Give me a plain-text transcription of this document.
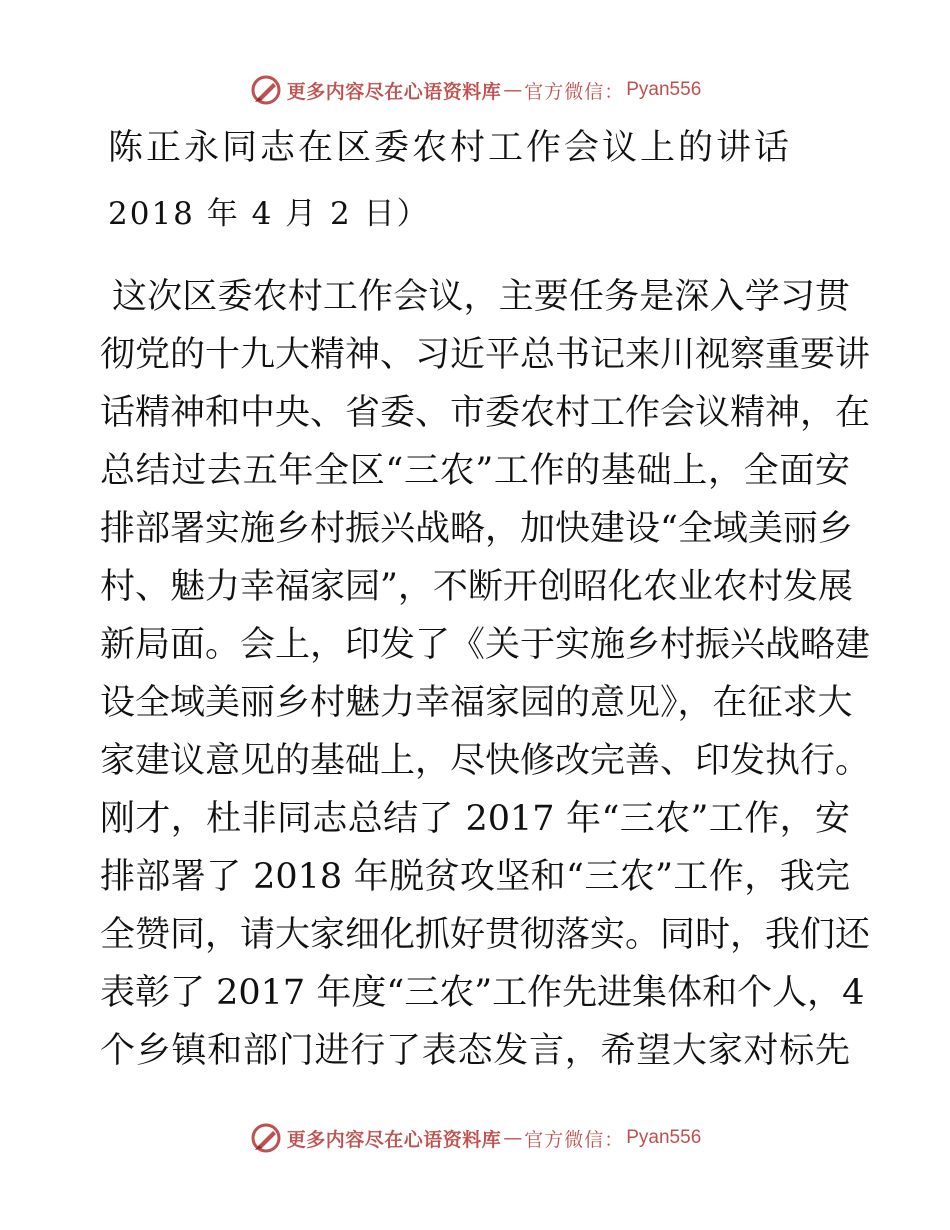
更多内容尽在心语资料库 — 官方微信： Pyan556
陈正永同志在区委农村工作会议上的讲话
2018 年 4 月 2 日）
这次区委农村工作会议，主要任务是深入学习贯
彻党的十九大精神、习近平总书记来川视察重要讲
话精神和中央、省委、市委农村工作会议精神，在
总结过去五年全区“三农”工作的基础上，全面安
排部署实施乡村振兴战略，加快建设“全域美丽乡
村、魅力幸福家园”，不断开创昭化农业农村发展
新局面。会上，印发了《关于实施乡村振兴战略建
设全域美丽乡村魅力幸福家园的意见》，在征求大
家建议意见的基础上，尽快修改完善、印发执行。
刚才，杜非同志总结了 2017 年“三农”工作，安
排部署了 2018 年脱贫攻坚和“三农”工作，我完
全赞同，请大家细化抓好贯彻落实。同时，我们还
表彰了 2017 年度“三农”工作先进集体和个人，4
个乡镇和部门进行了表态发言，希望大家对标先
更多内容尽在心语资料库 — 官方微信： Pyan556
